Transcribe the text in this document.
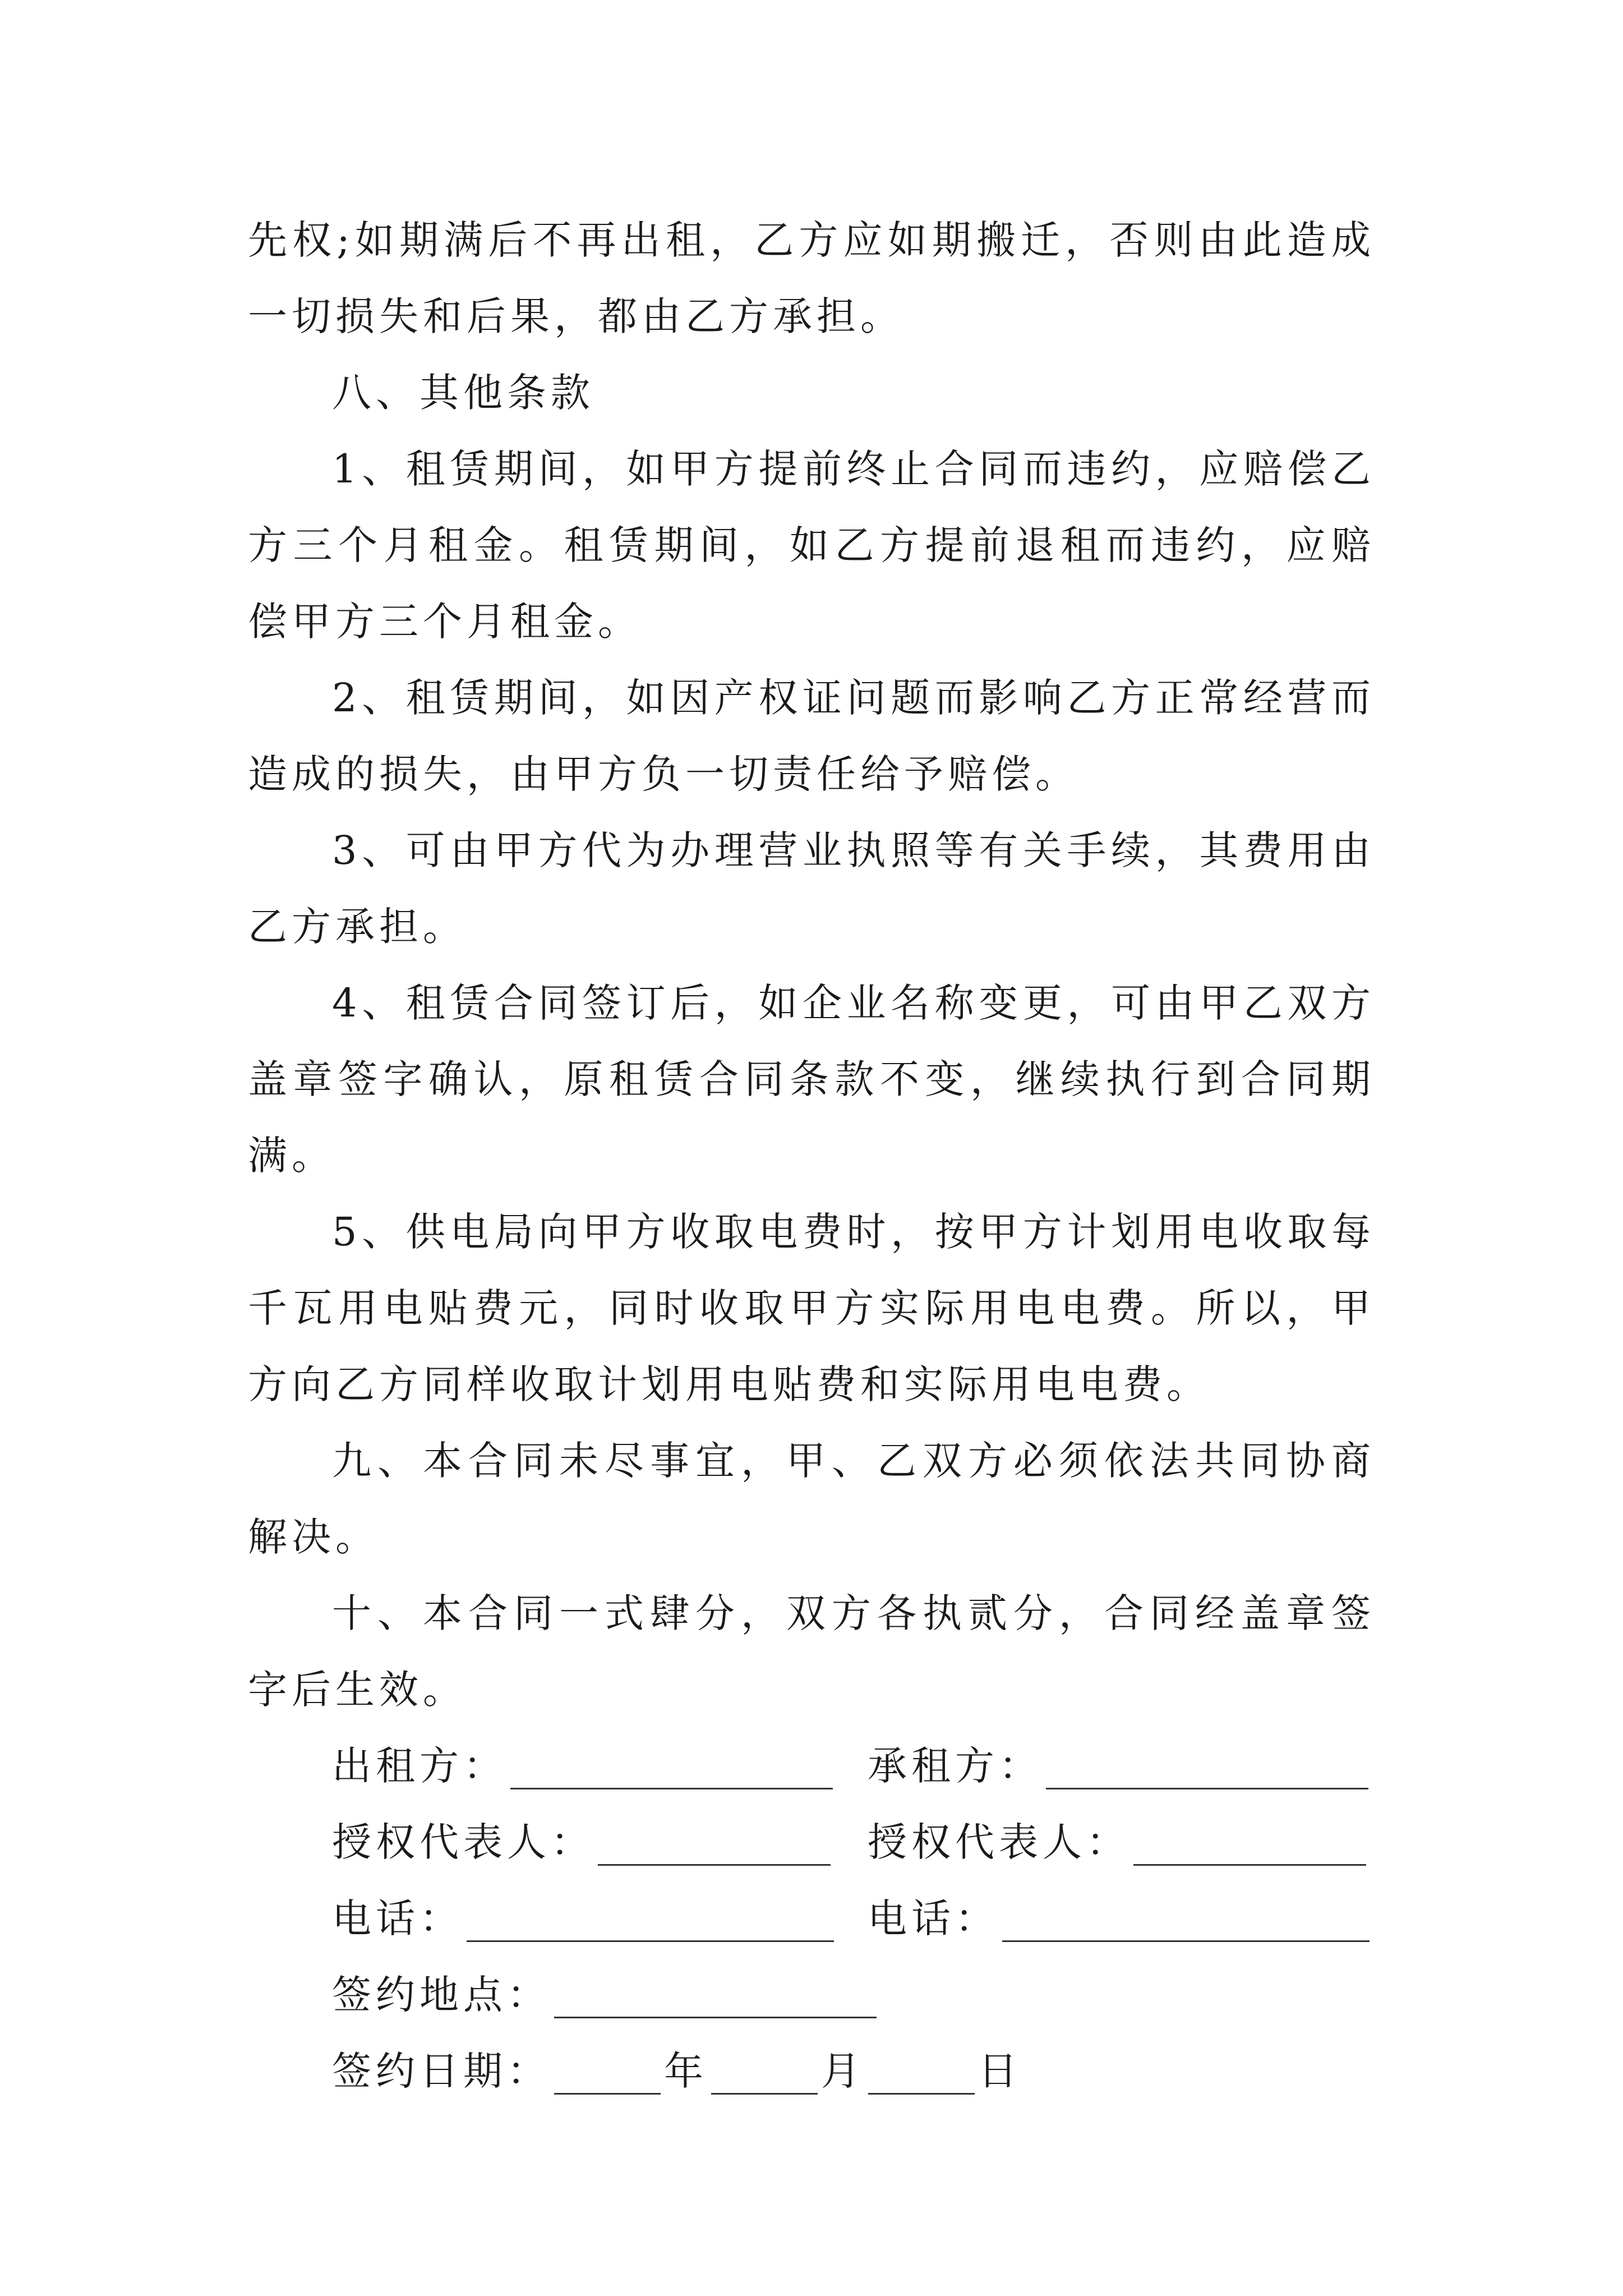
先权;如期满后不再出租，乙方应如期搬迁，否则由此造成一切损失和后果，都由乙方承担。

八、其他条款

1、租赁期间，如甲方提前终止合同而违约，应赔偿乙方三个月租金。租赁期间，如乙方提前退租而违约，应赔偿甲方三个月租金。

2、租赁期间，如因产权证问题而影响乙方正常经营而造成的损失，由甲方负一切责任给予赔偿。

3、可由甲方代为办理营业执照等有关手续，其费用由乙方承担。

4、租赁合同签订后，如企业名称变更，可由甲乙双方盖章签字确认，原租赁合同条款不变，继续执行到合同期满。

5、供电局向甲方收取电费时，按甲方计划用电收取每千瓦用电贴费元，同时收取甲方实际用电电费。所以，甲方向乙方同样收取计划用电贴费和实际用电电费。

九、本合同未尽事宜，甲、乙双方必须依法共同协商解决。

十、本合同一式肆分，双方各执贰分，合同经盖章签字后生效。

出租方：	承租方：
授权代表人：	授权代表人：
电话：	电话：
签约地点：
签约日期：	年	月	日
